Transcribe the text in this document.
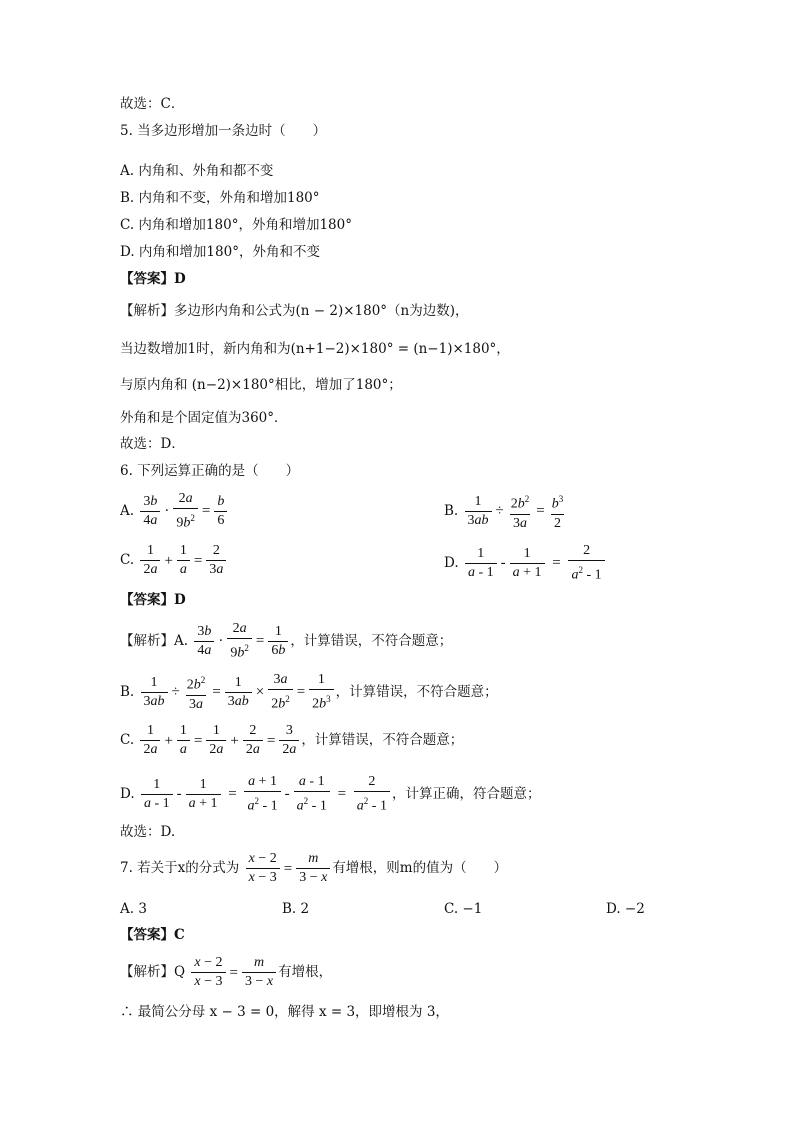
故选：C．
5. 当多边形增加一条边时（　　）
A. 内角和、外角和都不变
B. 内角和不变，外角和增加180°
C. 内角和增加180°，外角和增加180°
D. 内角和增加180°，外角和不变
【答案】D
【解析】多边形内角和公式为(n − 2)×180°（n为边数)，
当边数增加1时，新内角和为(n+1−2)×180° = (n−1)×180°，
与原内角和 (n−2)×180°相比，增加了180°；
外角和是个固定值为360°．
故选：D．
6. 下列运算正确的是（　　）
A. $\frac{3b}{4a} \cdot \frac{2a}{9b^2} = \frac{b}{6}$	B. $\frac{1}{3ab} \div \frac{2b^2}{3a} = \frac{b^3}{2}$
C. $\frac{1}{2a} + \frac{1}{a} = \frac{2}{3a}$	D. $\frac{1}{a - 1} - \frac{1}{a + 1} = \frac{2}{a^2 - 1}$
【答案】D
【解析】A. $\frac{3b}{4a} \cdot \frac{2a}{9b^2} = \frac{1}{6b}$ ，计算错误，不符合题意；
B. $\frac{1}{3ab} \div \frac{2b^2}{3a} = \frac{1}{3ab} \times \frac{3a}{2b^2} = \frac{1}{2b^3}$ ，计算错误，不符合题意；
C. $\frac{1}{2a} + \frac{1}{a} = \frac{1}{2a} + \frac{2}{2a} = \frac{3}{2a}$ ，计算错误，不符合题意；
D. $\frac{1}{a - 1} - \frac{1}{a + 1} = \frac{a + 1}{a^2 - 1} - \frac{a - 1}{a^2 - 1} = \frac{2}{a^2 - 1}$ ，计算正确，符合题意；
故选：D.
7. 若关于x的分式为 $\frac{x - 2}{x - 3} = \frac{m}{3 - x}$ 有增根，则m的值为（　　）
A. 3	B. 2	C. −1	D. −2
【答案】C
【解析】Q $\frac{x - 2}{x - 3} = \frac{m}{3 - x}$ 有增根，
∴ 最简公分母 x − 3 = 0，解得 x = 3，即增根为 3，
